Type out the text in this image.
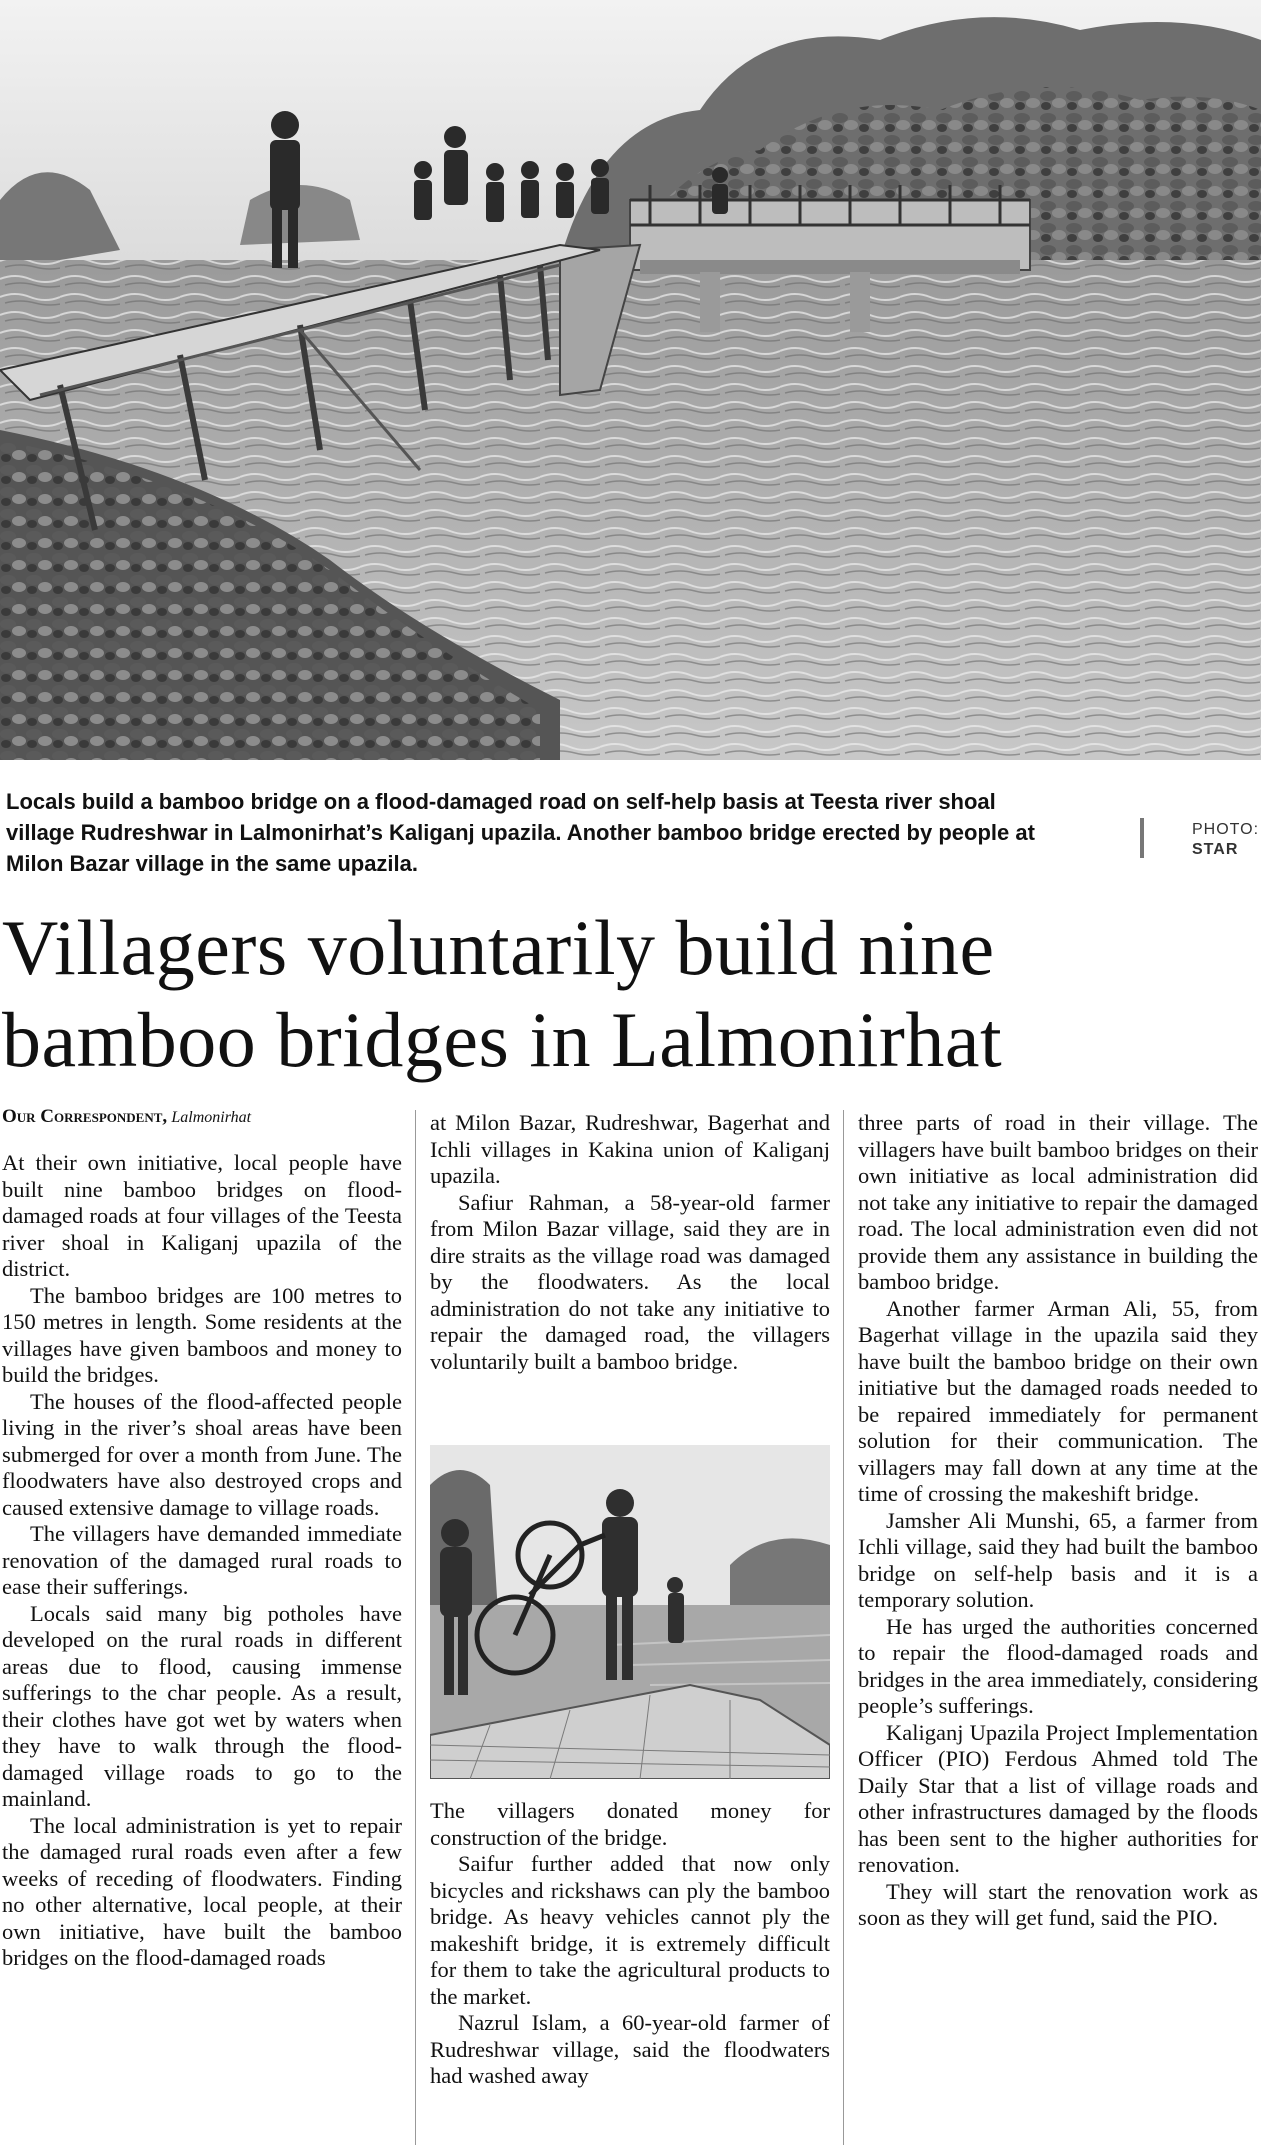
Locals build a bamboo bridge on a flood-damaged road on self-help basis at Teesta river shoal village Rudreshwar in Lalmonirhat’s Kaliganj upazila. Another bamboo bridge erected by people at Milon Bazar village in the same upazila.
PHOTO:
STAR
Villagers voluntarily build nine bamboo bridges in Lalmonirhat
Our Correspondent, Lalmonirhat

At their own initiative, local people have built nine bamboo bridges on flood-damaged roads at four villages of the Teesta river shoal in Kaliganj upazila of the district.

The bamboo bridges are 100 metres to 150 metres in length. Some residents at the villages have given bamboos and money to build the bridges.

The houses of the flood-affected people living in the river’s shoal areas have been submerged for over a month from June. The floodwaters have also destroyed crops and caused extensive damage to village roads.

The villagers have demanded immediate renovation of the damaged rural roads to ease their sufferings.

Locals said many big potholes have developed on the rural roads in different areas due to flood, causing immense sufferings to the char people. As a result, their clothes have got wet by waters when they have to walk through the flood-damaged village roads to go to the mainland.

The local administration is yet to repair the damaged rural roads even after a few weeks of receding of floodwaters. Finding no other alternative, local people, at their own initiative, have built the bamboo bridges on the flood-damaged roads

at Milon Bazar, Rudreshwar, Bagerhat and Ichli villages in Kakina union of Kaliganj upazila.

Safiur Rahman, a 58-year-old farmer from Milon Bazar village, said they are in dire straits as the village road was damaged by the floodwaters. As the local administration do not take any initiative to repair the damaged road, the villagers voluntarily built a bamboo bridge.

The villagers donated money for construction of the bridge.

Saifur further added that now only bicycles and rickshaws can ply the bamboo bridge. As heavy vehicles cannot ply the makeshift bridge, it is extremely difficult for them to take the agricultural products to the market.

Nazrul Islam, a 60-year-old farmer of Rudreshwar village, said the floodwaters had washed away

three parts of road in their village. The villagers have built bamboo bridges on their own initiative as local administration did not take any initiative to repair the damaged road. The local administration even did not provide them any assistance in building the bamboo bridge.

Another farmer Arman Ali, 55, from Bagerhat village in the upazila said they have built the bamboo bridge on their own initiative but the damaged roads needed to be repaired immediately for permanent solution for their communication. The villagers may fall down at any time at the time of crossing the makeshift bridge.

Jamsher Ali Munshi, 65, a farmer from Ichli village, said they had built the bamboo bridge on self-help basis and it is a temporary solution.

He has urged the authorities concerned to repair the flood-damaged roads and bridges in the area immediately, considering people’s sufferings.

Kaliganj Upazila Project Implementation Officer (PIO) Ferdous Ahmed told The Daily Star that a list of village roads and other infrastructures damaged by the floods has been sent to the higher authorities for renovation.

They will start the renovation work as soon as they will get fund, said the PIO.
